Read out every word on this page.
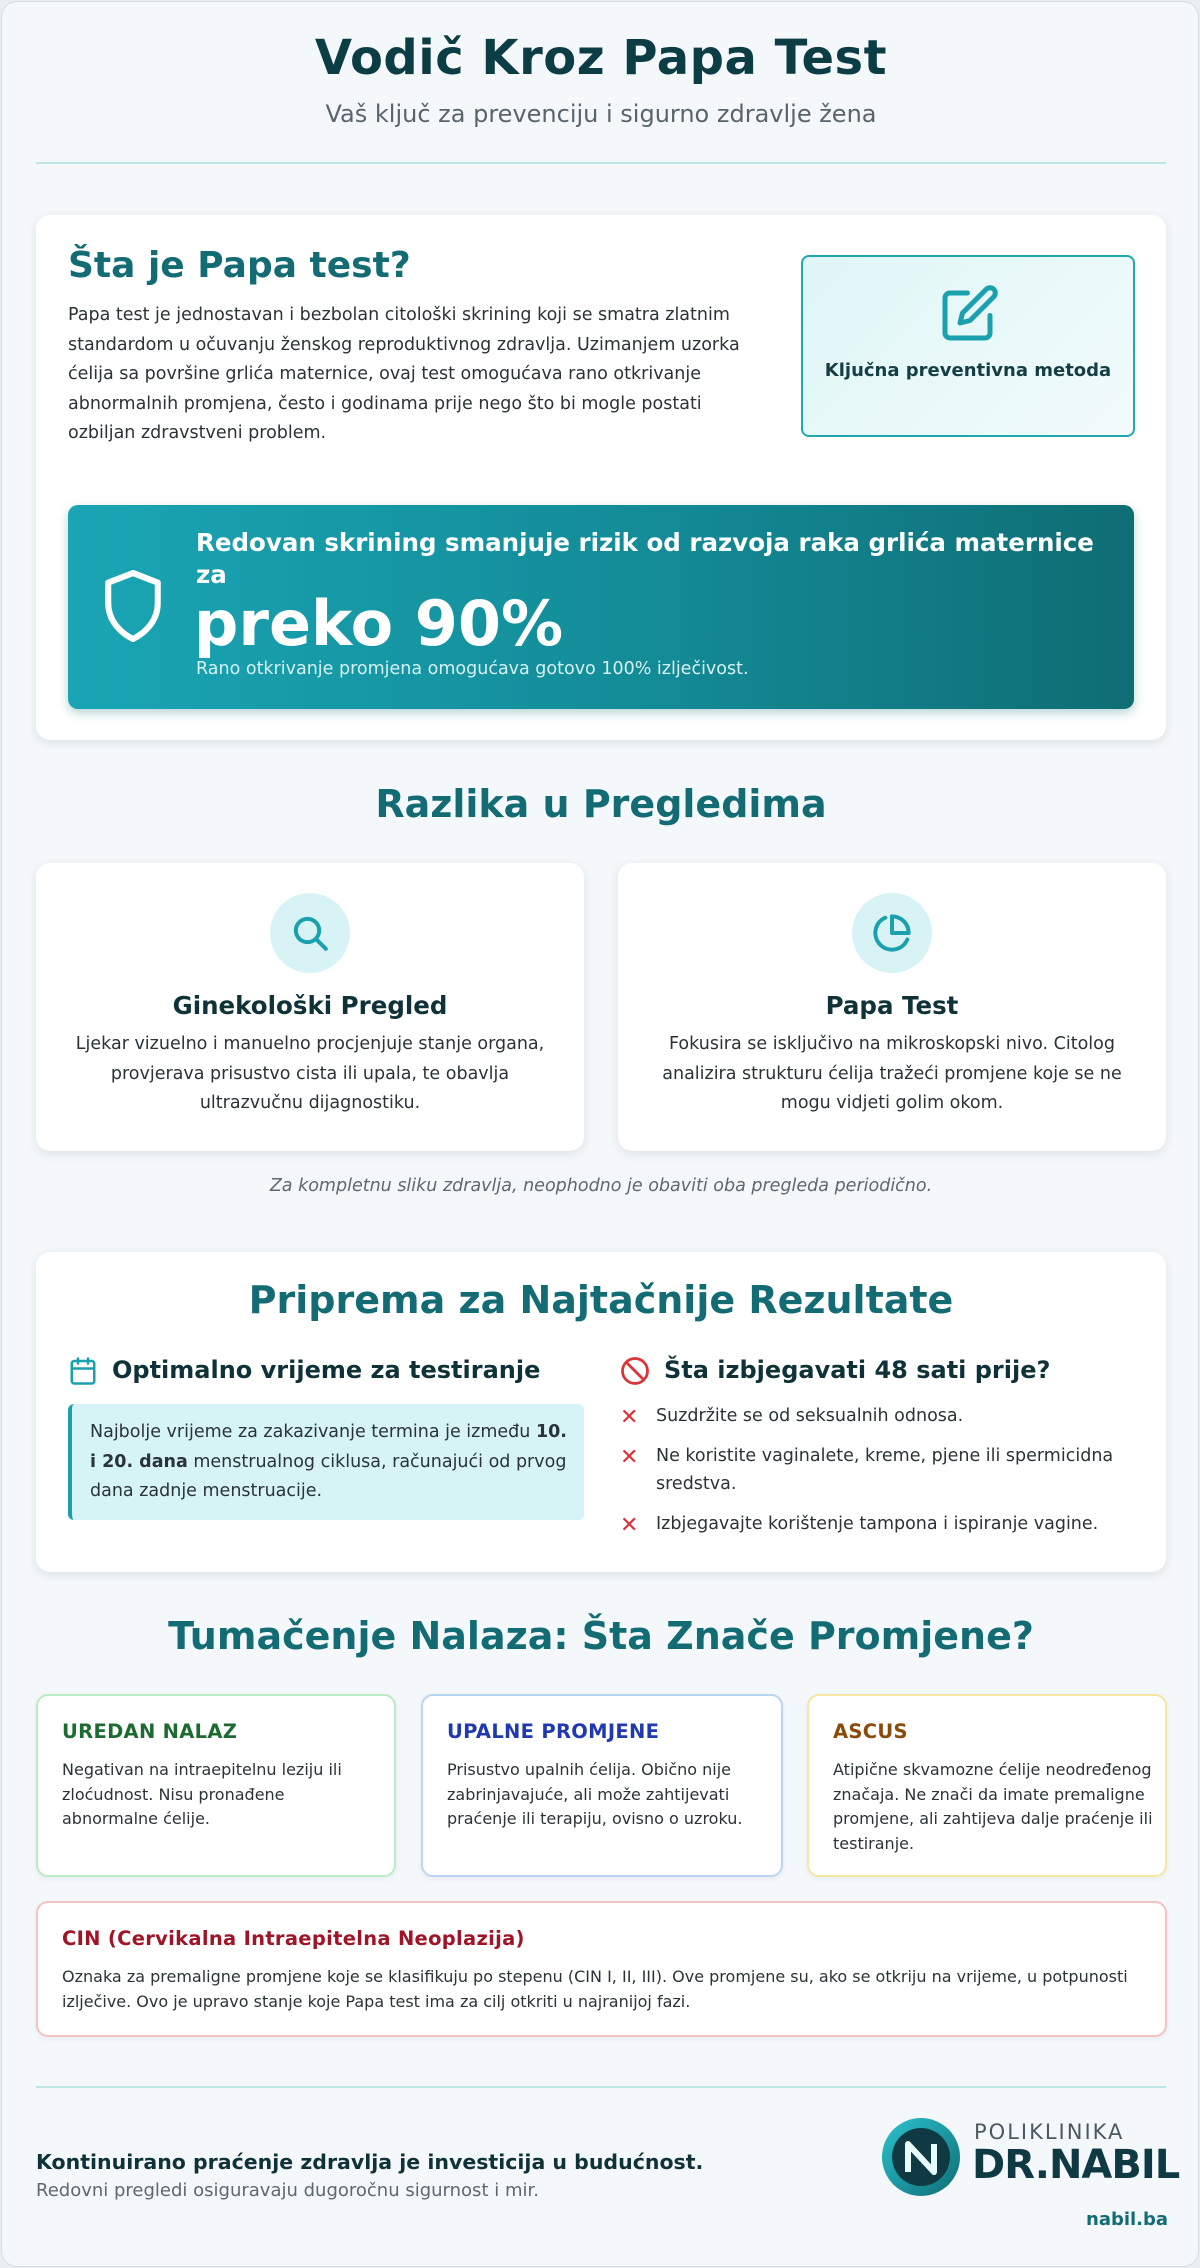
Vodič Kroz Papa Test

Vaš ključ za prevenciju i sigurno zdravlje žena

Šta je Papa test?

Papa test je jednostavan i bezbolan citološki skrining koji se smatra zlatnim standardom u očuvanju ženskog reproduktivnog zdravlja. Uzimanjem uzorka ćelija sa površine grlića maternice, ovaj test omogućava rano otkrivanje abnormalnih promjena, često i godinama prije nego što bi mogle postati ozbiljan zdravstveni problem.

Ključna preventivna metoda
Redovan skrining smanjuje rizik od razvoja raka grlića maternice za
preko 90%
Rano otkrivanje promjena omogućava gotovo 100% izlječivost.
Razlika u Pregledima
Ginekološki Pregled

Ljekar vizuelno i manuelno procjenjuje stanje organa, provjerava prisustvo cista ili upala, te obavlja ultrazvučnu dijagnostiku.

Papa Test

Fokusira se isključivo na mikroskopski nivo. Citolog analizira strukturu ćelija tražeći promjene koje se ne mogu vidjeti golim okom.

Za kompletnu sliku zdravlja, neophodno je obaviti oba pregleda periodično.
Priprema za Najtačnije Rezultate
Optimalno vrijeme za testiranje
Najbolje vrijeme za zakazivanje termina je između 10. i 20. dana menstrualnog ciklusa, računajući od prvog dana zadnje menstruacije.
Šta izbjegavati 48 sati prije?
✕ Suzdržite se od seksualnih odnosa.
✕ Ne koristite vaginalete, kreme, pjene ili spermicidna sredstva.
✕ Izbjegavajte korištenje tampona i ispiranje vagine.
Tumačenje Nalaza: Šta Znače Promjene?
UREDAN NALAZ

Negativan na intraepitelnu leziju ili zloćudnost. Nisu pronađene abnormalne ćelije.

UPALNE PROMJENE

Prisustvo upalnih ćelija. Obično nije zabrinjavajuće, ali može zahtijevati praćenje ili terapiju, ovisno o uzroku.

ASCUS

Atipične skvamozne ćelije neodređenog značaja. Ne znači da imate premaligne promjene, ali zahtijeva dalje praćenje ili testiranje.

CIN (Cervikalna Intraepitelna Neoplazija)

Oznaka za premaligne promjene koje se klasifikuju po stepenu (CIN I, II, III). Ove promjene su, ako se otkriju na vrijeme, u potpunosti izlječive. Ovo je upravo stanje koje Papa test ima za cilj otkriti u najranijoj fazi.

Kontinuirano praćenje zdravlja je investicija u budućnost.
Redovni pregledi osiguravaju dugoročnu sigurnost i mir.
POLIKLINIKA
DR.NABIL
nabil.ba
